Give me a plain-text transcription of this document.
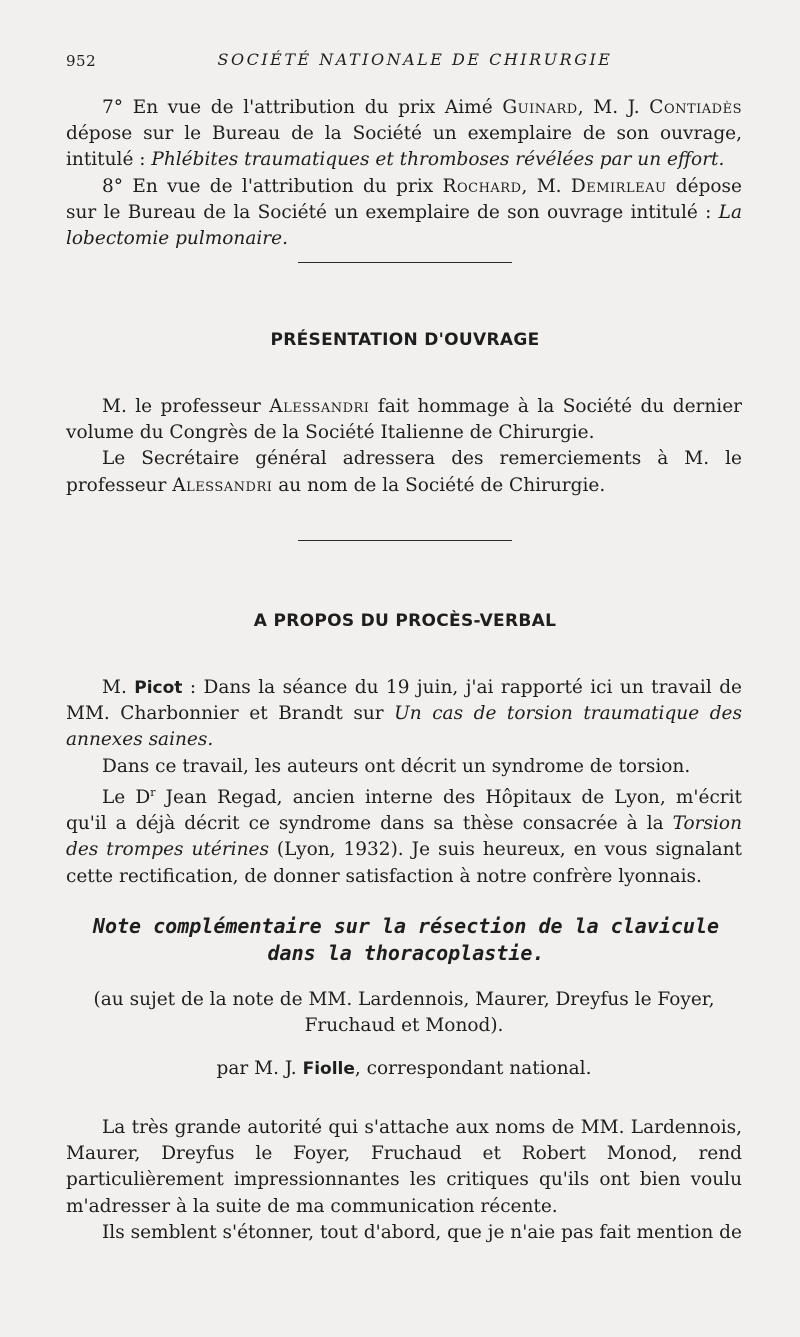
952	SOCIÉTÉ NATIONALE DE CHIRURGIE

7° En vue de l'attribution du prix Aimé Guinard, M. J. Contiadès dépose sur le Bureau de la Société un exemplaire de son ouvrage, intitulé : Phlébites traumatiques et thromboses révélées par un effort.

8° En vue de l'attribution du prix Rochard, M. Demirleau dépose sur le Bureau de la Société un exemplaire de son ouvrage intitulé : La lobectomie pulmonaire.

PRÉSENTATION D'OUVRAGE

M. le professeur Alessandri fait hommage à la Société du dernier volume du Congrès de la Société Italienne de Chirurgie.

Le Secrétaire général adressera des remerciements à M. le professeur Alessandri au nom de la Société de Chirurgie.

A PROPOS DU PROCÈS-VERBAL

M. Picot : Dans la séance du 19 juin, j'ai rapporté ici un travail de MM. Charbonnier et Brandt sur Un cas de torsion traumatique des annexes saines.

Dans ce travail, les auteurs ont décrit un syndrome de torsion.

Le $D^r$ Jean Regad, ancien interne des Hôpitaux de Lyon, m'écrit qu'il a déjà décrit ce syndrome dans sa thèse consacrée à la Torsion des trompes utérines (Lyon, 1932). Je suis heureux, en vous signalant cette rectification, de donner satisfaction à notre confrère lyonnais.

Note complémentaire sur la résection de la clavicule
dans la thoracoplastie.
(au sujet de la note de MM. Lardennois, Maurer, Dreyfus le Foyer,
Fruchaud et Monod).
par M. J. Fiolle, correspondant national.

La très grande autorité qui s'attache aux noms de MM. Lardennois, Maurer, Dreyfus le Foyer, Fruchaud et Robert Monod, rend particulièrement impressionnantes les critiques qu'ils ont bien voulu m'adresser à la suite de ma communication récente.

Ils semblent s'étonner, tout d'abord, que je n'aie pas fait mention de
